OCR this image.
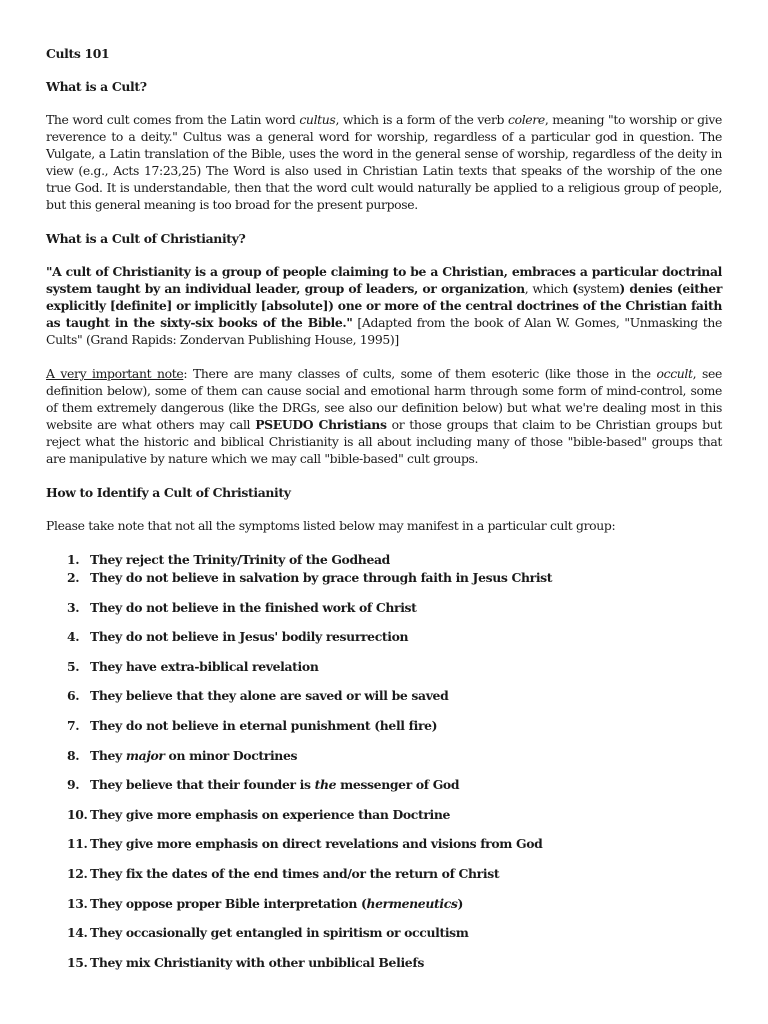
Cults 101
What is a Cult?

The word cult comes from the Latin word cultus, which is a form of the verb colere, meaning "to worship or give reverence to a deity." Cultus was a general word for worship, regardless of a particular god in question. The Vulgate, a Latin translation of the Bible, uses the word in the general sense of worship, regardless of the deity in view (e.g., Acts 17:23,25) The Word is also used in Christian Latin texts that speaks of the worship of the one true God. It is understandable, then that the word cult would naturally be applied to a religious group of people, but this general meaning is too broad for the present purpose.

What is a Cult of Christianity?

"A cult of Christianity is a group of people claiming to be a Christian, embraces a particular doctrinal system taught by an individual leader, group of leaders, or organization, which (system) denies (either explicitly [definite] or implicitly [absolute]) one or more of the central doctrines of the Christian faith as taught in the sixty-six books of the Bible." [Adapted from the book of Alan W. Gomes, "Unmasking the Cults" (Grand Rapids: Zondervan Publishing House, 1995)]

A very important note: There are many classes of cults, some of them esoteric (like those in the occult, see definition below), some of them can cause social and emotional harm through some form of mind-control, some of them extremely dangerous (like the DRGs, see also our definition below) but what we're dealing most in this website are what others may call PSEUDO Christians or those groups that claim to be Christian groups but reject what the historic and biblical Christianity is all about including many of those "bible-based" groups that are manipulative by nature which we may call "bible-based" cult groups.

How to Identify a Cult of Christianity

Please take note that not all the symptoms listed below may manifest in a particular cult group:

1. They reject the Trinity/Trinity of the Godhead
2. They do not believe in salvation by grace through faith in Jesus Christ
3. They do not believe in the finished work of Christ
4. They do not believe in Jesus' bodily resurrection
5. They have extra-biblical revelation
6. They believe that they alone are saved or will be saved
7. They do not believe in eternal punishment (hell fire)
8. They major on minor Doctrines
9. They believe that their founder is the messenger of God
10. They give more emphasis on experience than Doctrine
11. They give more emphasis on direct revelations and visions from God
12. They fix the dates of the end times and/or the return of Christ
13. They oppose proper Bible interpretation (hermeneutics)
14. They occasionally get entangled in spiritism or occultism
15. They mix Christianity with other unbiblical Beliefs
